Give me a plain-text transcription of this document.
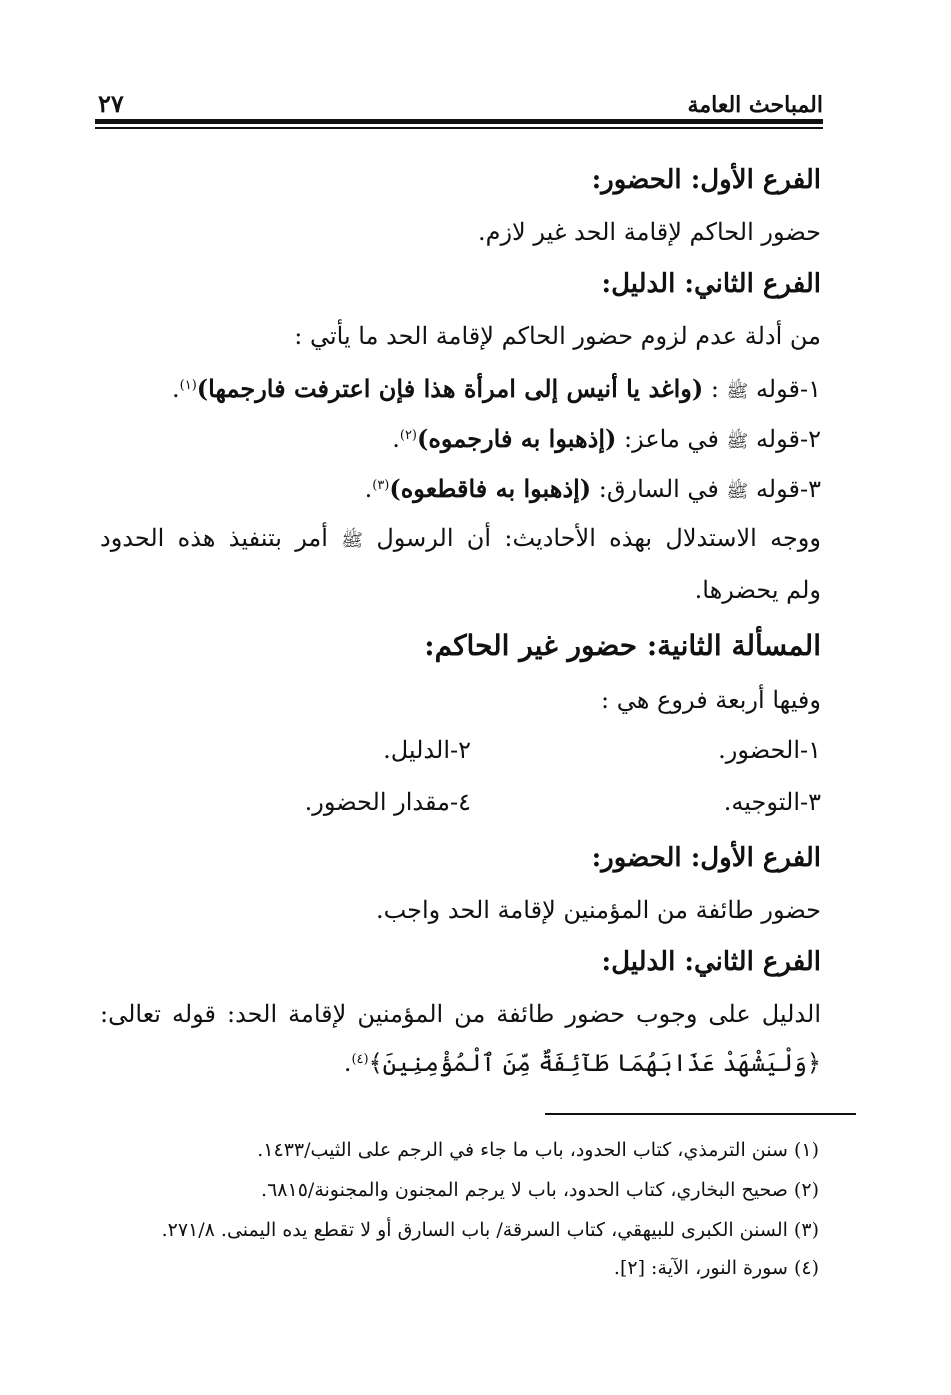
المباحث العامة
٢٧
الفرع الأول: الحضور:
حضور الحاكم لإقامة الحد غير لازم.
الفرع الثاني: الدليل:
من أدلة عدم لزوم حضور الحاكم لإقامة الحد ما يأتي :
١-قوله ﷺ : (واغد يا أنيس إلى امرأة هذا فإن اعترفت فارجمها)$^{(١)}$.
٢-قوله ﷺ في ماعز: (إذهبوا به فارجموه)$^{(٢)}$.
٣-قوله ﷺ في السارق: (إذهبوا به فاقطعوه)$^{(٣)}$.
ووجه الاستدلال بهذه الأحاديث: أن الرسول ﷺ أمر بتنفيذ هذه الحدود
ولم يحضرها.
المسألة الثانية: حضور غير الحاكم:
وفيها أربعة فروع هي :
١-الحضور.
٢-الدليل.
٣-التوجيه.
٤-مقدار الحضور.
الفرع الأول: الحضور:
حضور طائفة من المؤمنين لإقامة الحد واجب.
الفرع الثاني: الدليل:
الدليل على وجوب حضور طائفة من المؤمنين لإقامة الحد: قوله تعالى:
﴿وَلْيَشْهَدْ عَذَابَهُمَا طَآئِفَةٌ مِّنَ ٱلْمُؤْمِنِينَ﴾$^{(٤)}$.
(١) سنن الترمذي، كتاب الحدود، باب ما جاء في الرجم على الثيب/١٤٣٣.
(٢) صحيح البخاري، كتاب الحدود، باب لا يرجم المجنون والمجنونة/٦٨١٥.
(٣) السنن الكبرى للبيهقي، كتاب السرقة/ باب السارق أو لا تقطع يده اليمنى. ٢٧١/٨.
(٤) سورة النور، الآية: [٢].
